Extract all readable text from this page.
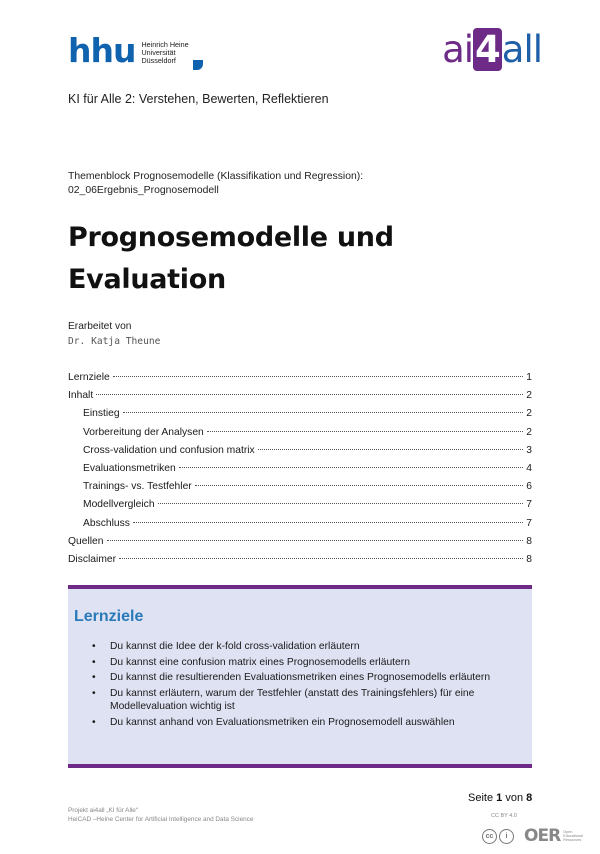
hhu Heinrich Heine
Universität
Düsseldorf	ai4all
KI für Alle 2: Verstehen, Bewerten, Reflektieren
Themenblock Prognosemodelle (Klassifikation und Regression):
02_06Ergebnis_Prognosemodell
Prognosemodelle und
Evaluation
Erarbeitet von
Dr. Katja Theune
Lernziele	1
Inhalt	2
Einstieg	2
Vorbereitung der Analysen	2
Cross-validation und confusion matrix	3
Evaluationsmetriken	4
Trainings- vs. Testfehler	6
Modellvergleich	7
Abschluss	7
Quellen	8
Disclaimer	8
Lernziele
• Du kannst die Idee der k-fold cross-validation erläutern
• Du kannst eine confusion matrix eines Prognosemodells erläutern
• Du kannst die resultierenden Evaluationsmetriken eines Prognosemodells erläutern
• Du kannst erläutern, warum der Testfehler (anstatt des Trainingsfehlers) für eine Modellevaluation wichtig ist
• Du kannst anhand von Evaluationsmetriken ein Prognosemodell auswählen
Seite 1 von 8
Projekt ai4all „KI für Alle“
HeiCAD –Heine Center for Artificial Intelligence and Data Science	CC BY 4.0
cc	i OER Open
Educational
Resources
